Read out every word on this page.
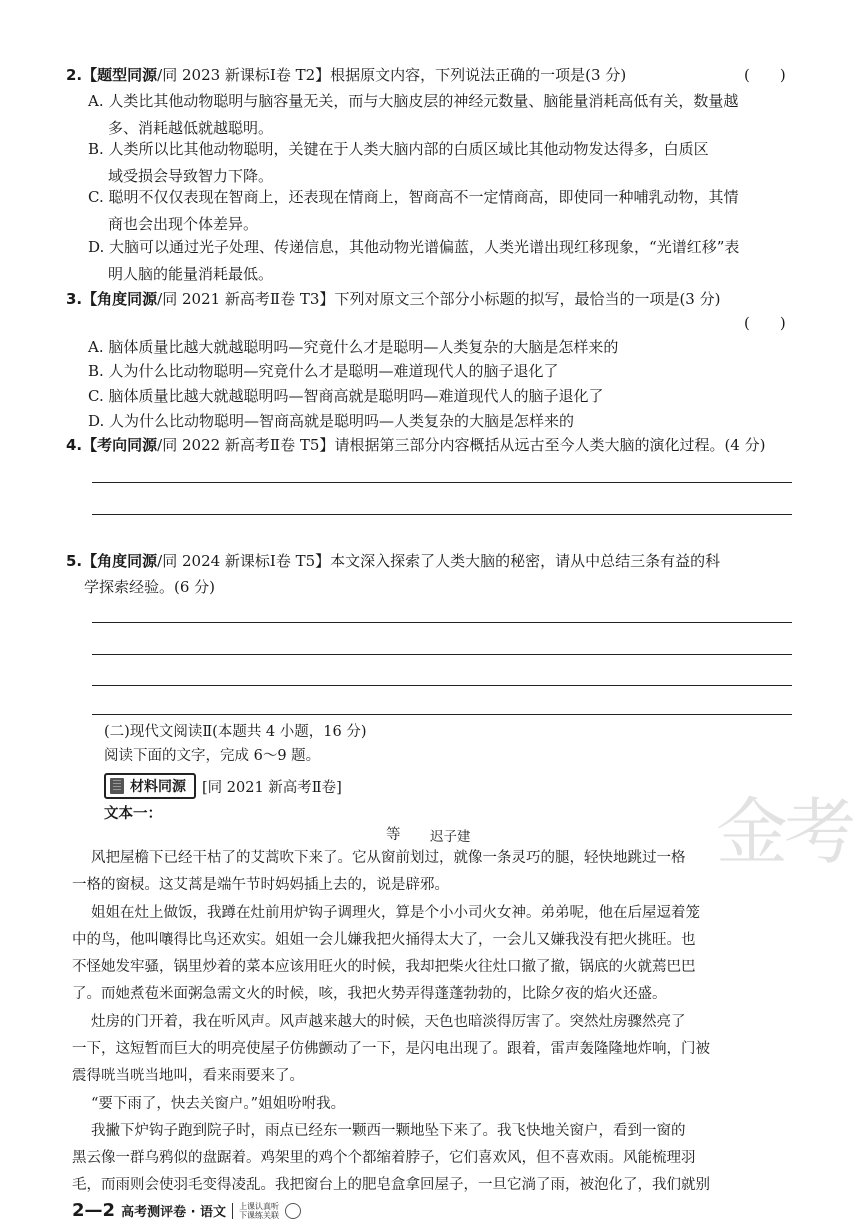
2.【题型同源/同 2023 新课标Ⅰ卷 T2】根据原文内容，下列说法正确的一项是(3 分)	(　　)
A. 人类比其他动物聪明与脑容量无关，而与大脑皮层的神经元数量、脑能量消耗高低有关，数量越
多、消耗越低就越聪明。
B. 人类所以比其他动物聪明，关键在于人类大脑内部的白质区域比其他动物发达得多，白质区
域受损会导致智力下降。
C. 聪明不仅仅表现在智商上，还表现在情商上，智商高不一定情商高，即使同一种哺乳动物，其情
商也会出现个体差异。
D. 大脑可以通过光子处理、传递信息，其他动物光谱偏蓝，人类光谱出现红移现象，“光谱红移”表
明人脑的能量消耗最低。
3.【角度同源/同 2021 新高考Ⅱ卷 T3】下列对原文三个部分小标题的拟写，最恰当的一项是(3 分)
(　　)
A. 脑体质量比越大就越聪明吗—究竟什么才是聪明—人类复杂的大脑是怎样来的
B. 人为什么比动物聪明—究竟什么才是聪明—难道现代人的脑子退化了
C. 脑体质量比越大就越聪明吗—智商高就是聪明吗—难道现代人的脑子退化了
D. 人为什么比动物聪明—智商高就是聪明吗—人类复杂的大脑是怎样来的
4.【考向同源/同 2022 新高考Ⅱ卷 T5】请根据第三部分内容概括从远古至今人类大脑的演化过程。(4 分)
5.【角度同源/同 2024 新课标Ⅰ卷 T5】本文深入探索了人类大脑的秘密，请从中总结三条有益的科
学探索经验。(6 分)
(二)现代文阅读Ⅱ(本题共 4 小题，16 分)
阅读下面的文字，完成 6～9 题。
材料同源 [同 2021 新高考Ⅱ卷]
文本一：
等 迟子建	金考
风把屋檐下已经干枯了的艾蒿吹下来了。它从窗前划过，就像一条灵巧的腿，轻快地跳过一格
一格的窗棂。这艾蒿是端午节时妈妈插上去的，说是辟邪。
姐姐在灶上做饭，我蹲在灶前用炉钩子调理火，算是个小小司火女神。弟弟呢，他在后屋逗着笼
中的鸟，他叫嚷得比鸟还欢实。姐姐一会儿嫌我把火捅得太大了，一会儿又嫌我没有把火挑旺。也
不怪她发牢骚，锅里炒着的菜本应该用旺火的时候，我却把柴火往灶口撤了撤，锅底的火就蔫巴巴
了。而她煮苞米面粥急需文火的时候，咳，我把火势弄得蓬蓬勃勃的，比除夕夜的焰火还盛。
灶房的门开着，我在听风声。风声越来越大的时候，天色也暗淡得厉害了。突然灶房骤然亮了
一下，这短暂而巨大的明亮使屋子仿佛颤动了一下，是闪电出现了。跟着，雷声轰隆隆地炸响，门被
震得咣当咣当地叫，看来雨要来了。
“要下雨了，快去关窗户。”姐姐吩咐我。
我撇下炉钩子跑到院子时，雨点已经东一颗西一颗地坠下来了。我飞快地关窗户，看到一窗的
黑云像一群乌鸦似的盘踞着。鸡架里的鸡个个都缩着脖子，它们喜欢风，但不喜欢雨。风能梳理羽
毛，而雨则会使羽毛变得凌乱。我把窗台上的肥皂盒拿回屋子，一旦它淌了雨，被泡化了，我们就别
2—2 高考测评卷 · 语文 上课认真听
下课练关联
